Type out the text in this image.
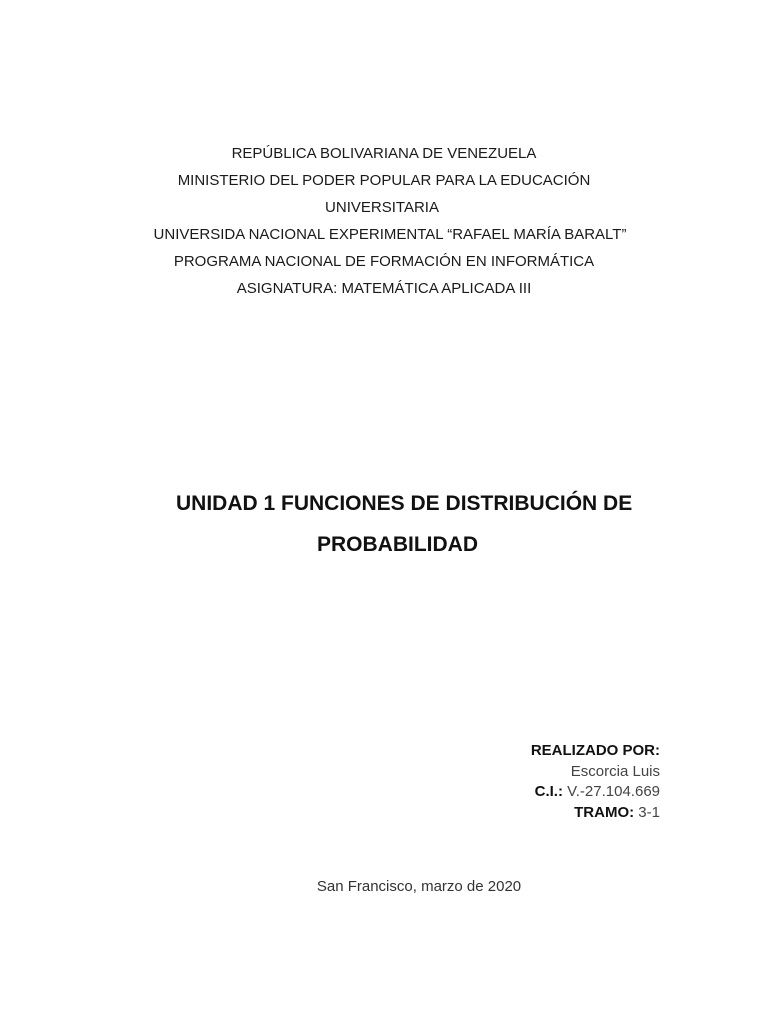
REPÚBLICA BOLIVARIANA DE VENEZUELA
MINISTERIO DEL PODER POPULAR PARA LA EDUCACIÓN
UNIVERSITARIA
UNIVERSIDA NACIONAL EXPERIMENTAL “RAFAEL MARÍA BARALT”
PROGRAMA NACIONAL DE FORMACIÓN EN INFORMÁTICA
ASIGNATURA: MATEMÁTICA APLICADA III
UNIDAD 1 FUNCIONES DE DISTRIBUCIÓN DE
PROBABILIDAD
REALIZADO POR:
Escorcia Luis
C.I.: V.-27.104.669
TRAMO: 3-1
San Francisco, marzo de 2020
